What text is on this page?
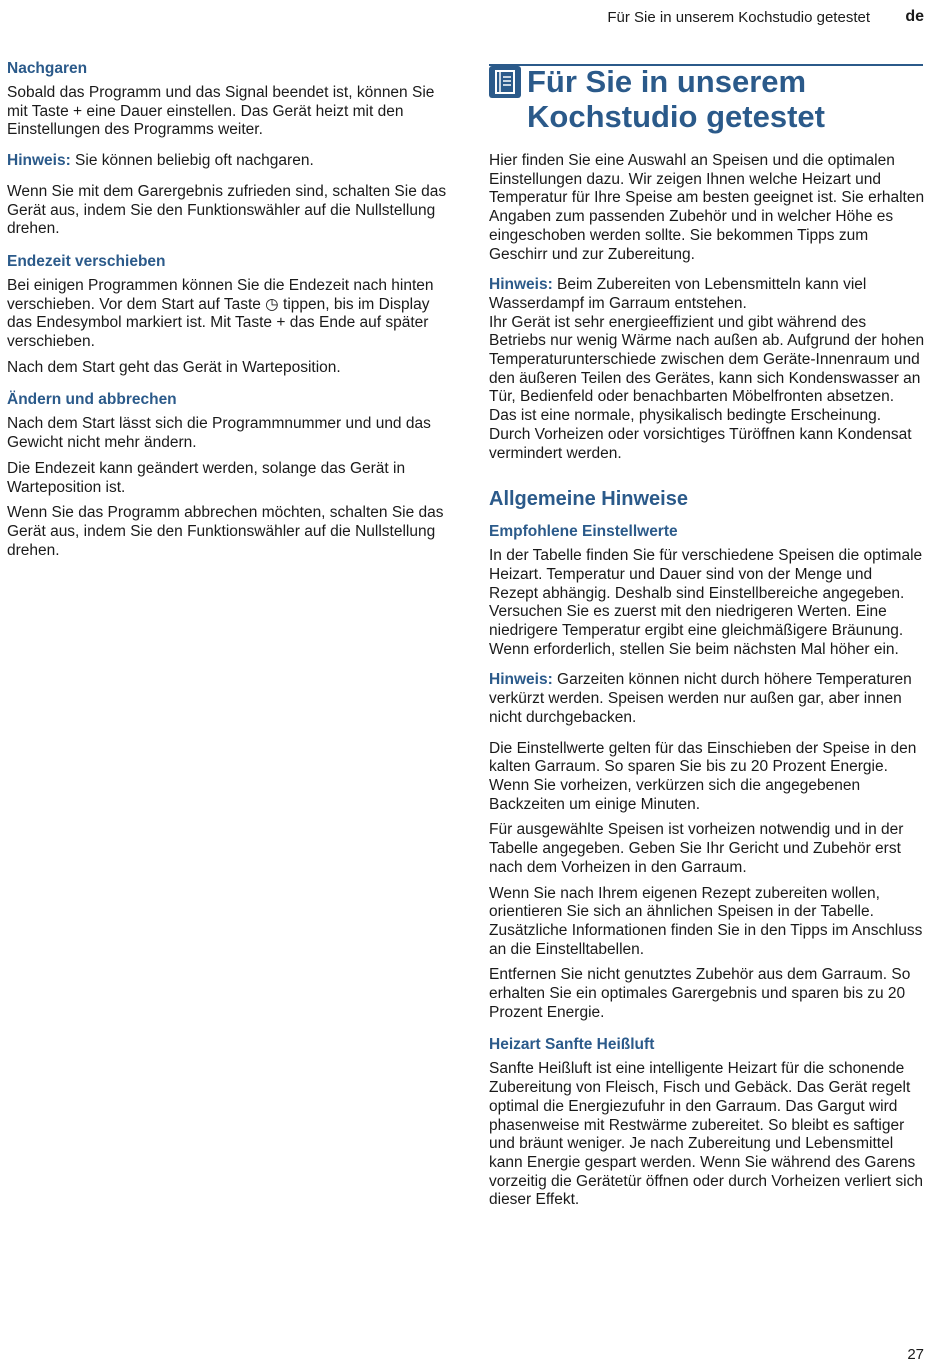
Für Sie in unserem Kochstudio getestet de
Nachgaren

Sobald das Programm und das Signal beendet ist, können Sie mit Taste + eine Dauer einstellen. Das Gerät heizt mit den Einstellungen des Programms weiter.

Hinweis: Sie können beliebig oft nachgaren.

Wenn Sie mit dem Garergebnis zufrieden sind, schalten Sie das Gerät aus, indem Sie den Funktionswähler auf die Nullstellung drehen.

Endezeit verschieben

Bei einigen Programmen können Sie die Endezeit nach hinten verschieben. Vor dem Start auf Taste ◷ tippen, bis im Display das Endesymbol markiert ist. Mit Taste + das Ende auf später verschieben.

Nach dem Start geht das Gerät in Warteposition.

Ändern und abbrechen

Nach dem Start lässt sich die Programmnummer und und das Gewicht nicht mehr ändern.

Die Endezeit kann geändert werden, solange das Gerät in Warteposition ist.

Wenn Sie das Programm abbrechen möchten, schalten Sie das Gerät aus, indem Sie den Funktionswähler auf die Nullstellung drehen.

Für Sie in unserem
Kochstudio getestet

Hier finden Sie eine Auswahl an Speisen und die optimalen Einstellungen dazu. Wir zeigen Ihnen welche Heizart und Temperatur für Ihre Speise am besten geeignet ist. Sie erhalten Angaben zum passenden Zubehör und in welcher Höhe es eingeschoben werden sollte. Sie bekommen Tipps zum Geschirr und zur Zubereitung.

Hinweis: Beim Zubereiten von Lebensmitteln kann viel Wasserdampf im Garraum entstehen.

Ihr Gerät ist sehr energieeffizient und gibt während des Betriebs nur wenig Wärme nach außen ab. Aufgrund der hohen Temperaturunterschiede zwischen dem Geräte-Innenraum und den äußeren Teilen des Gerätes, kann sich Kondenswasser an Tür, Bedienfeld oder benachbarten Möbelfronten absetzen. Das ist eine normale, physikalisch bedingte Erscheinung. Durch Vorheizen oder vorsichtiges Türöffnen kann Kondensat vermindert werden.

Allgemeine Hinweise
Empfohlene Einstellwerte

In der Tabelle finden Sie für verschiedene Speisen die optimale Heizart. Temperatur und Dauer sind von der Menge und Rezept abhängig. Deshalb sind Einstellbereiche angegeben. Versuchen Sie es zuerst mit den niedrigeren Werten. Eine niedrigere Temperatur ergibt eine gleichmäßigere Bräunung. Wenn erforderlich, stellen Sie beim nächsten Mal höher ein.

Hinweis: Garzeiten können nicht durch höhere Temperaturen verkürzt werden. Speisen werden nur außen gar, aber innen nicht durchgebacken.

Die Einstellwerte gelten für das Einschieben der Speise in den kalten Garraum. So sparen Sie bis zu 20 Prozent Energie. Wenn Sie vorheizen, verkürzen sich die angegebenen Backzeiten um einige Minuten.

Für ausgewählte Speisen ist vorheizen notwendig und in der Tabelle angegeben. Geben Sie Ihr Gericht und Zubehör erst nach dem Vorheizen in den Garraum.

Wenn Sie nach Ihrem eigenen Rezept zubereiten wollen, orientieren Sie sich an ähnlichen Speisen in der Tabelle. Zusätzliche Informationen finden Sie in den Tipps im Anschluss an die Einstelltabellen.

Entfernen Sie nicht genutztes Zubehör aus dem Garraum. So erhalten Sie ein optimales Garergebnis und sparen bis zu 20 Prozent Energie.

Heizart Sanfte Heißluft

Sanfte Heißluft ist eine intelligente Heizart für die schonende Zubereitung von Fleisch, Fisch und Gebäck. Das Gerät regelt optimal die Energiezufuhr in den Garraum. Das Gargut wird phasenweise mit Restwärme zubereitet. So bleibt es saftiger und bräunt weniger. Je nach Zubereitung und Lebensmittel kann Energie gespart werden. Wenn Sie während des Garens vorzeitig die Gerätetür öffnen oder durch Vorheizen verliert sich dieser Effekt.

27
